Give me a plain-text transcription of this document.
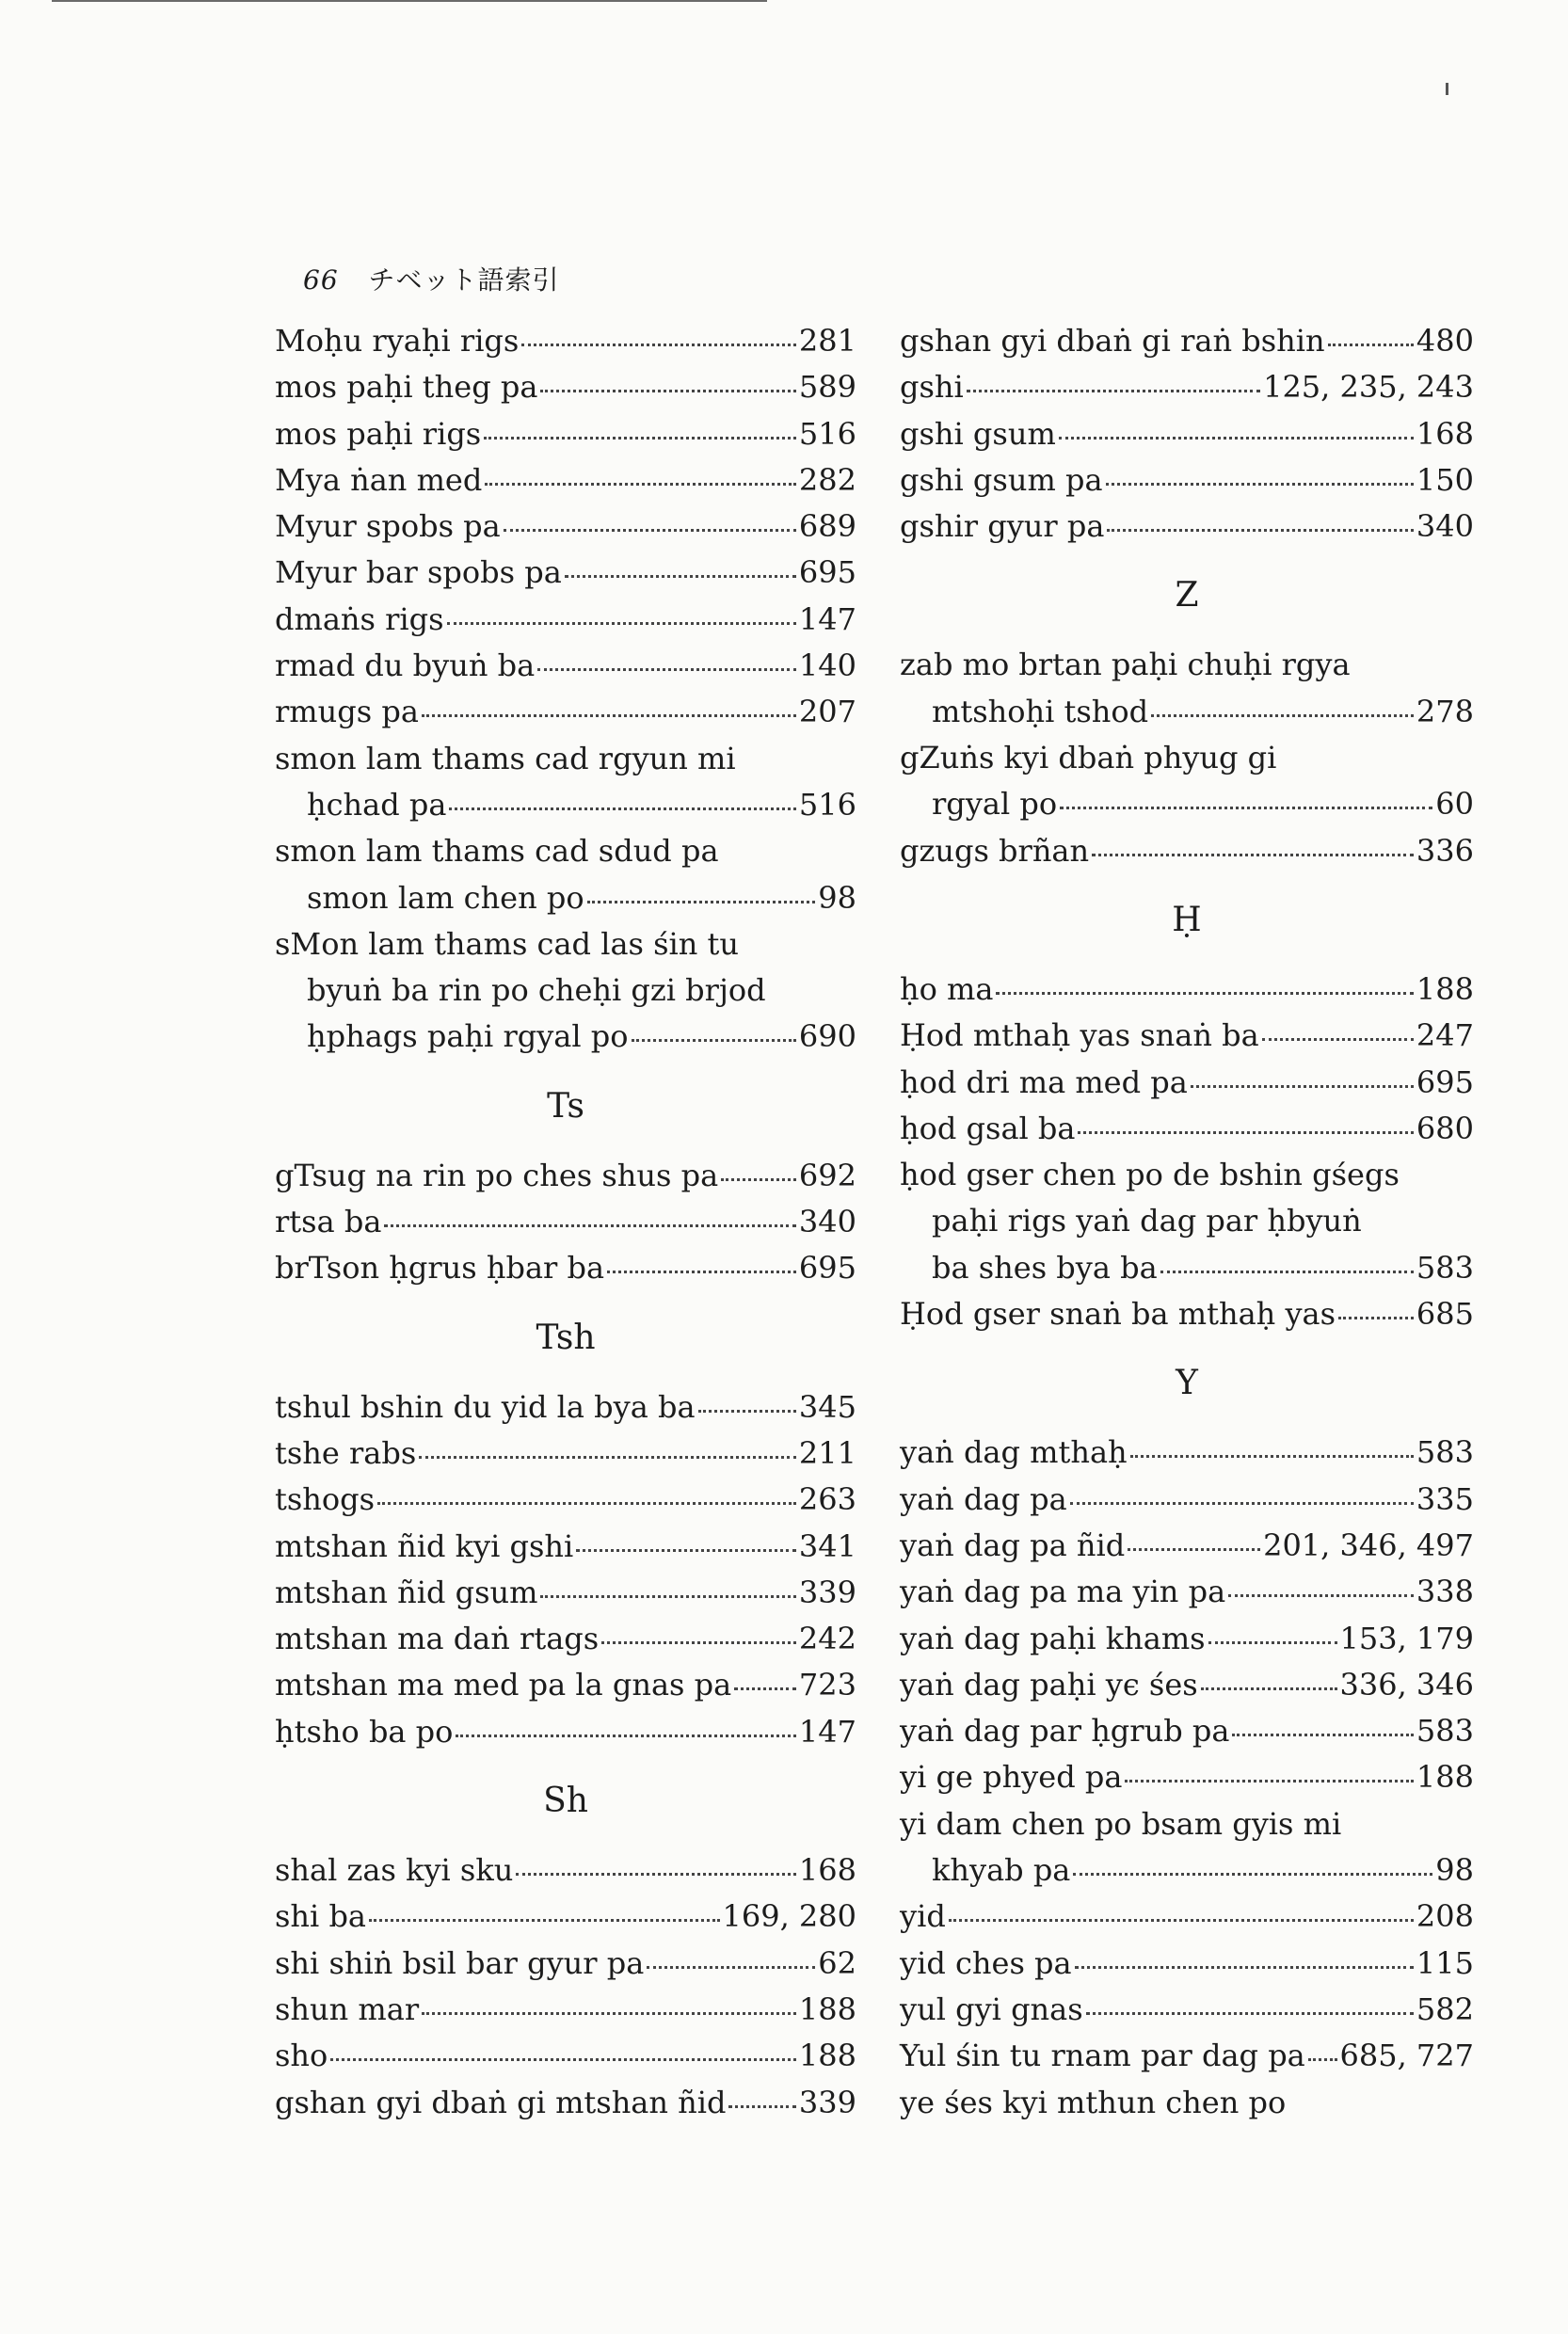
66 チベット語索引
Moḥu ryaḥi rigs	281
mos paḥi theg pa	589
mos paḥi rigs	516
Mya ṅan med	282
Myur spobs pa	689
Myur bar spobs pa	695
dmaṅs rigs	147
rmad du byuṅ ba	140
rmugs pa	207
smon lam thams cad rgyun mi
ḥchad pa	516
smon lam thams cad sdud pa
smon lam chen po	98
sMon lam thams cad las śin tu
byuṅ ba rin po cheḥi gzi brjod
ḥphags paḥi rgyal po	690
Ts
gTsug na rin po ches shus pa	692
rtsa ba	340
brTson ḥgrus ḥbar ba	695
Tsh
tshul bshin du yid la bya ba	345
tshe rabs	211
tshogs	263
mtshan ñid kyi gshi	341
mtshan ñid gsum	339
mtshan ma daṅ rtags	242
mtshan ma med pa la gnas pa 723
ḥtsho ba po	147
Sh
shal zas kyi sku	168
shi ba	169, 280
shi shiṅ bsil bar gyur pa	62
shun mar	188
sho	188
gshan gyi dbaṅ gi mtshan ñid 339
gshan gyi dbaṅ gi raṅ bshin	480
gshi	125, 235, 243
gshi gsum	168
gshi gsum pa	150
gshir gyur pa	340
Z
zab mo brtan paḥi chuḥi rgya
mtshoḥi tshod	278
gZuṅs kyi dbaṅ phyug gi
rgyal po	60
gzugs brñan	336
Ḥ
ḥo ma	188
Ḥod mthaḥ yas snaṅ ba	247
ḥod dri ma med pa	695
ḥod gsal ba	680
ḥod gser chen po de bshin gśegs
paḥi rigs yaṅ dag par ḥbyuṅ
ba shes bya ba	583
Ḥod gser snaṅ ba mthaḥ yas	685
Y
yaṅ dag mthaḥ	583
yaṅ dag pa	335
yaṅ dag pa ñid	201, 346, 497
yaṅ dag pa ma yin pa	338
yaṅ dag paḥi khams	153, 179
yaṅ dag paḥi yє śes	336, 346
yaṅ dag par ḥgrub pa	583
yi ge phyed pa	188
yi dam chen po bsam gyis mi
khyab pa	98
yid	208
yid ches pa	115
yul gyi gnas	582
Yul śin tu rnam par dag pa 685, 727
ye śes kyi mthun chen po
